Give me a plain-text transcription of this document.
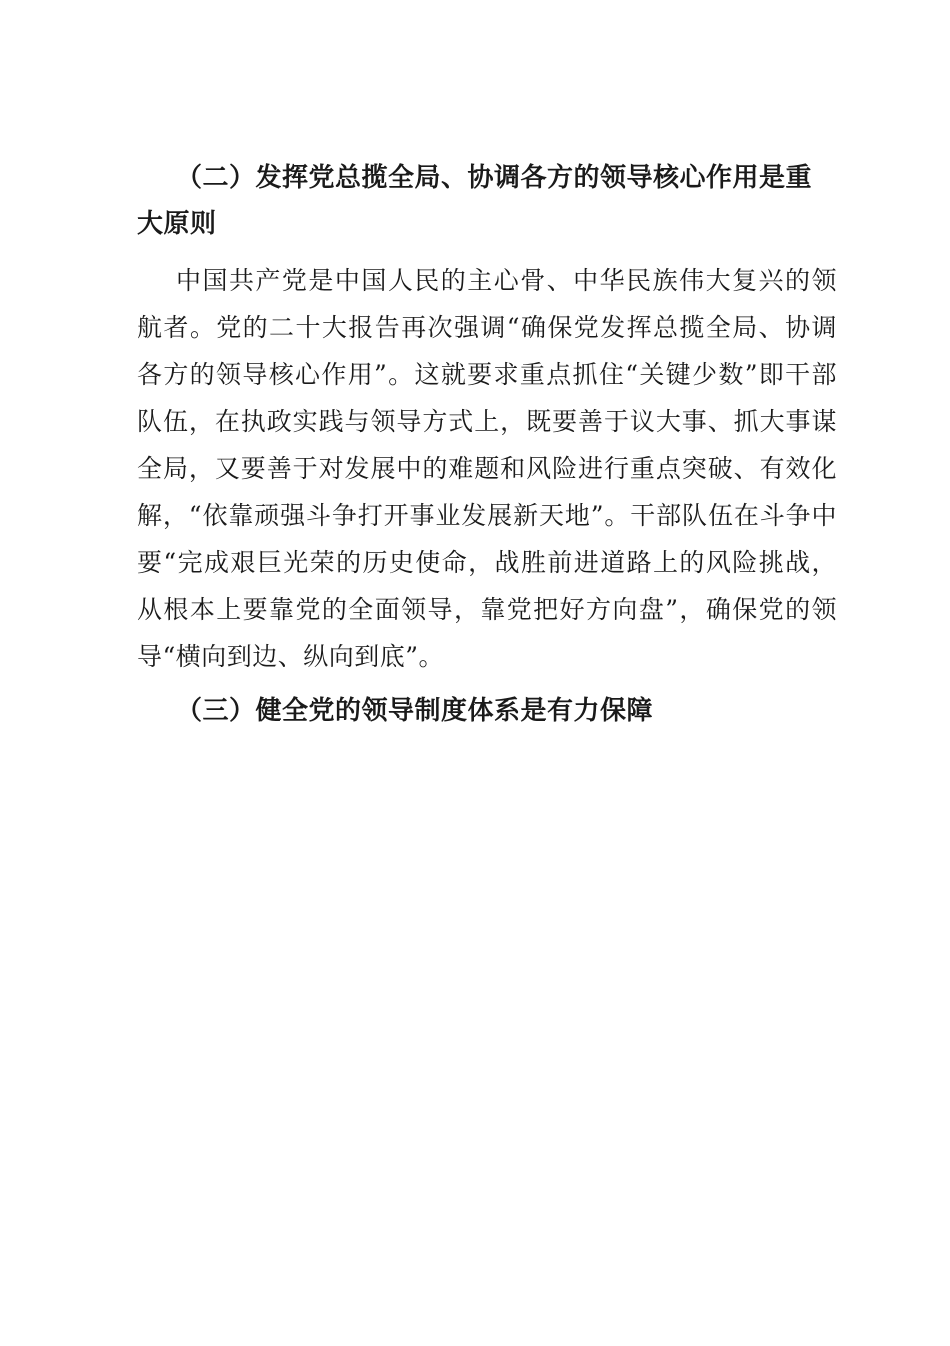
（二）发挥党总揽全局、协调各方的领导核心作用是重大原则

中国共产党是中国人民的主心骨、中华民族伟大复兴的领航者。党的二十大报告再次强调“确保党发挥总揽全局、协调各方的领导核心作用”。这就要求重点抓住“关键少数”即干部队伍，在执政实践与领导方式上，既要善于议大事、抓大事谋全局，又要善于对发展中的难题和风险进行重点突破、有效化解，“依靠顽强斗争打开事业发展新天地”。干部队伍在斗争中要“完成艰巨光荣的历史使命，战胜前进道路上的风险挑战，从根本上要靠党的全面领导，靠党把好方向盘”，确保党的领导“横向到边、纵向到底”。

（三）健全党的领导制度体系是有力保障
